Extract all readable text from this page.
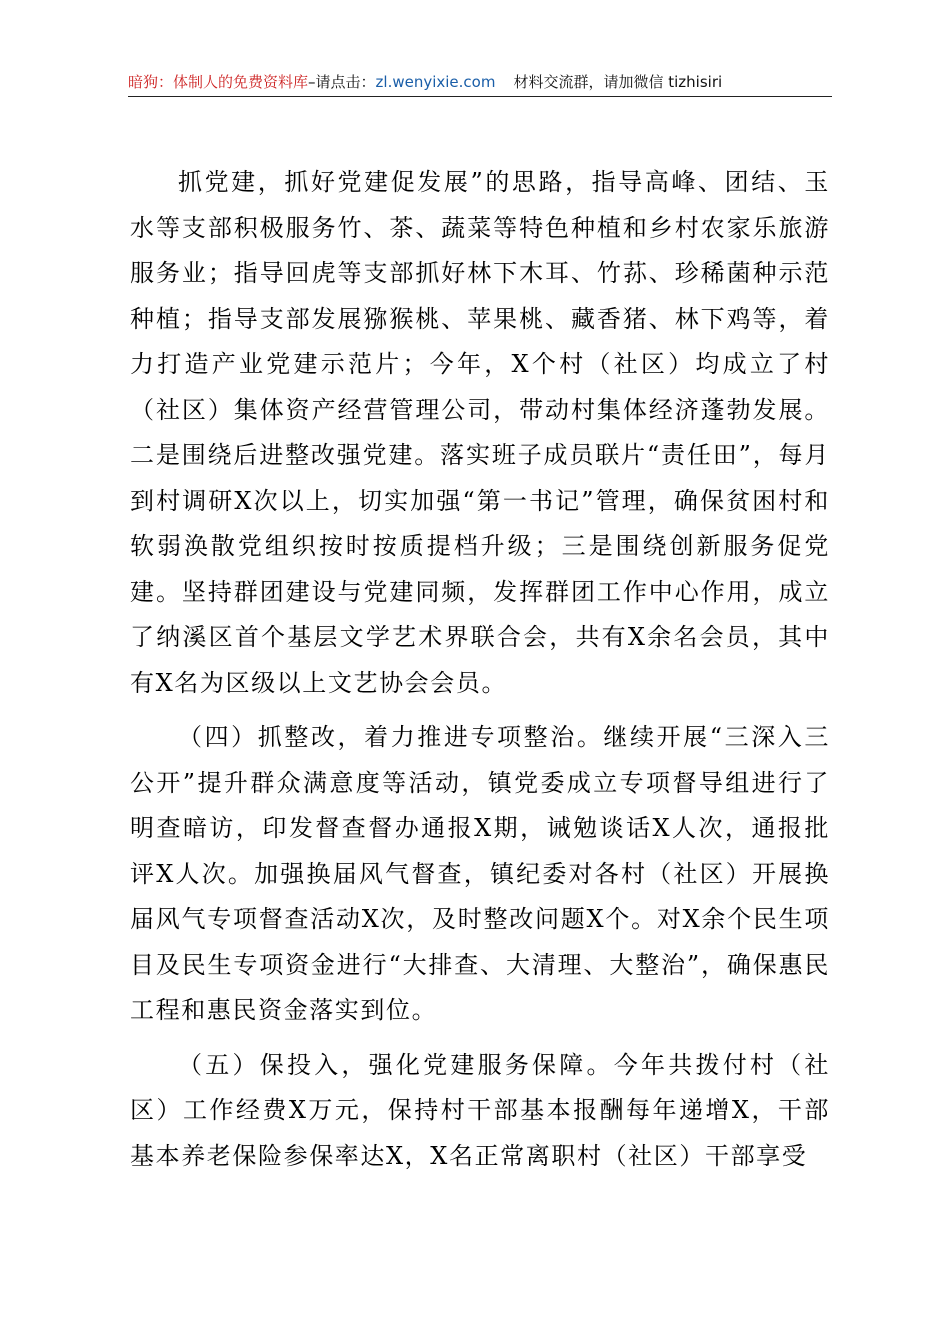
暗狗：体制人的免费资料库–请点击：zl.wenyixie.com 材料交流群，请加微信 tizhisiri

抓党建，抓好党建促发展”的思路，指导高峰、团结、玉水等支部积极服务竹、茶、蔬菜等特色种植和乡村农家乐旅游服务业；指导回虎等支部抓好林下木耳、竹荪、珍稀菌种示范种植；指导支部发展猕猴桃、苹果桃、藏香猪、林下鸡等，着力打造产业党建示范片；今年，X个村（社区）均成立了村（社区）集体资产经营管理公司，带动村集体经济蓬勃发展。二是围绕后进整改强党建。落实班子成员联片“责任田”，每月到村调研X次以上，切实加强“第一书记”管理，确保贫困村和软弱涣散党组织按时按质提档升级；三是围绕创新服务促党建。坚持群团建设与党建同频，发挥群团工作中心作用，成立了纳溪区首个基层文学艺术界联合会，共有X余名会员，其中有X名为区级以上文艺协会会员。

（四）抓整改，着力推进专项整治。继续开展“三深入三公开”提升群众满意度等活动，镇党委成立专项督导组进行了明查暗访，印发督查督办通报X期，诫勉谈话X人次，通报批评X人次。加强换届风气督查，镇纪委对各村（社区）开展换届风气专项督查活动X次，及时整改问题X个。对X余个民生项目及民生专项资金进行“大排查、大清理、大整治”，确保惠民工程和惠民资金落实到位。

（五）保投入，强化党建服务保障。今年共拨付村（社区）工作经费X万元，保持村干部基本报酬每年递增X，干部基本养老保险参保率达X，X名正常离职村（社区）干部享受
